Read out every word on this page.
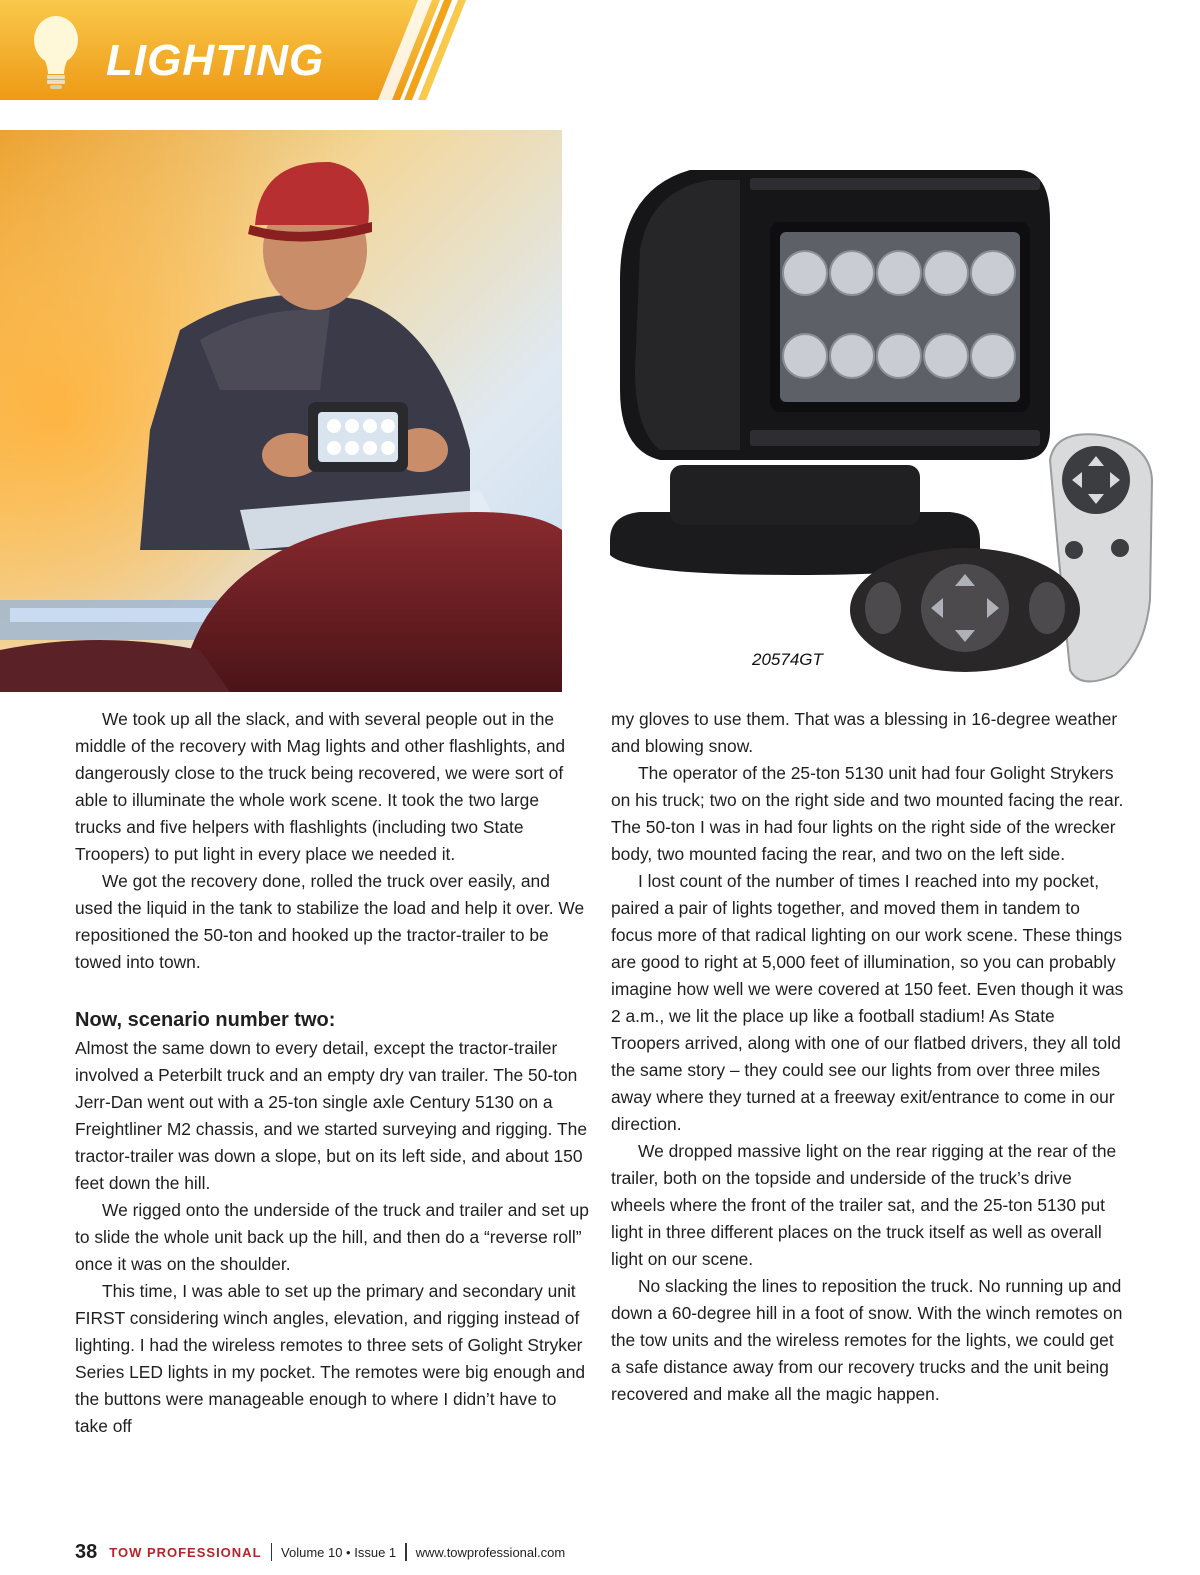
LIGHTING
20574GT

We took up all the slack, and with several people out in the middle of the recovery with Mag lights and other flashlights, and dangerously close to the truck being recovered, we were sort of able to illuminate the whole work scene. It took the two large trucks and five helpers with flashlights (including two State Troopers) to put light in every place we needed it.

We got the recovery done, rolled the truck over easily, and used the liquid in the tank to stabilize the load and help it over. We repositioned the 50-ton and hooked up the tractor-trailer to be towed into town.

Now, scenario number two:

Almost the same down to every detail, except the tractor-trailer involved a Peterbilt truck and an empty dry van trailer. The 50-ton Jerr-Dan went out with a 25-ton single axle Century 5130 on a Freightliner M2 chassis, and we started surveying and rigging. The tractor-trailer was down a slope, but on its left side, and about 150 feet down the hill.

We rigged onto the underside of the truck and trailer and set up to slide the whole unit back up the hill, and then do a “reverse roll” once it was on the shoulder.

This time, I was able to set up the primary and secondary unit FIRST considering winch angles, elevation, and rigging instead of lighting. I had the wireless remotes to three sets of Golight Stryker Series LED lights in my pocket. The remotes were big enough and the buttons were manageable enough to where I didn’t have to take off

my gloves to use them. That was a blessing in 16-degree weather and blowing snow.

The operator of the 25-ton 5130 unit had four Golight Strykers on his truck; two on the right side and two mounted facing the rear. The 50-ton I was in had four lights on the right side of the wrecker body, two mounted facing the rear, and two on the left side.

I lost count of the number of times I reached into my pocket, paired a pair of lights together, and moved them in tandem to focus more of that radical lighting on our work scene. These things are good to right at 5,000 feet of illumination, so you can probably imagine how well we were covered at 150 feet. Even though it was 2 a.m., we lit the place up like a football stadium! As State Troopers arrived, along with one of our flatbed drivers, they all told the same story – they could see our lights from over three miles away where they turned at a freeway exit/entrance to come in our direction.

We dropped massive light on the rear rigging at the rear of the trailer, both on the topside and underside of the truck’s drive wheels where the front of the trailer sat, and the 25-ton 5130 put light in three different places on the truck itself as well as overall light on our scene.

No slacking the lines to reposition the truck. No running up and down a 60-degree hill in a foot of snow. With the winch remotes on the tow units and the wireless remotes for the lights, we could get a safe distance away from our recovery trucks and the unit being recovered and make all the magic happen.

38 TOW PROFESSIONAL Volume 10 • Issue 1 www.towprofessional.com
